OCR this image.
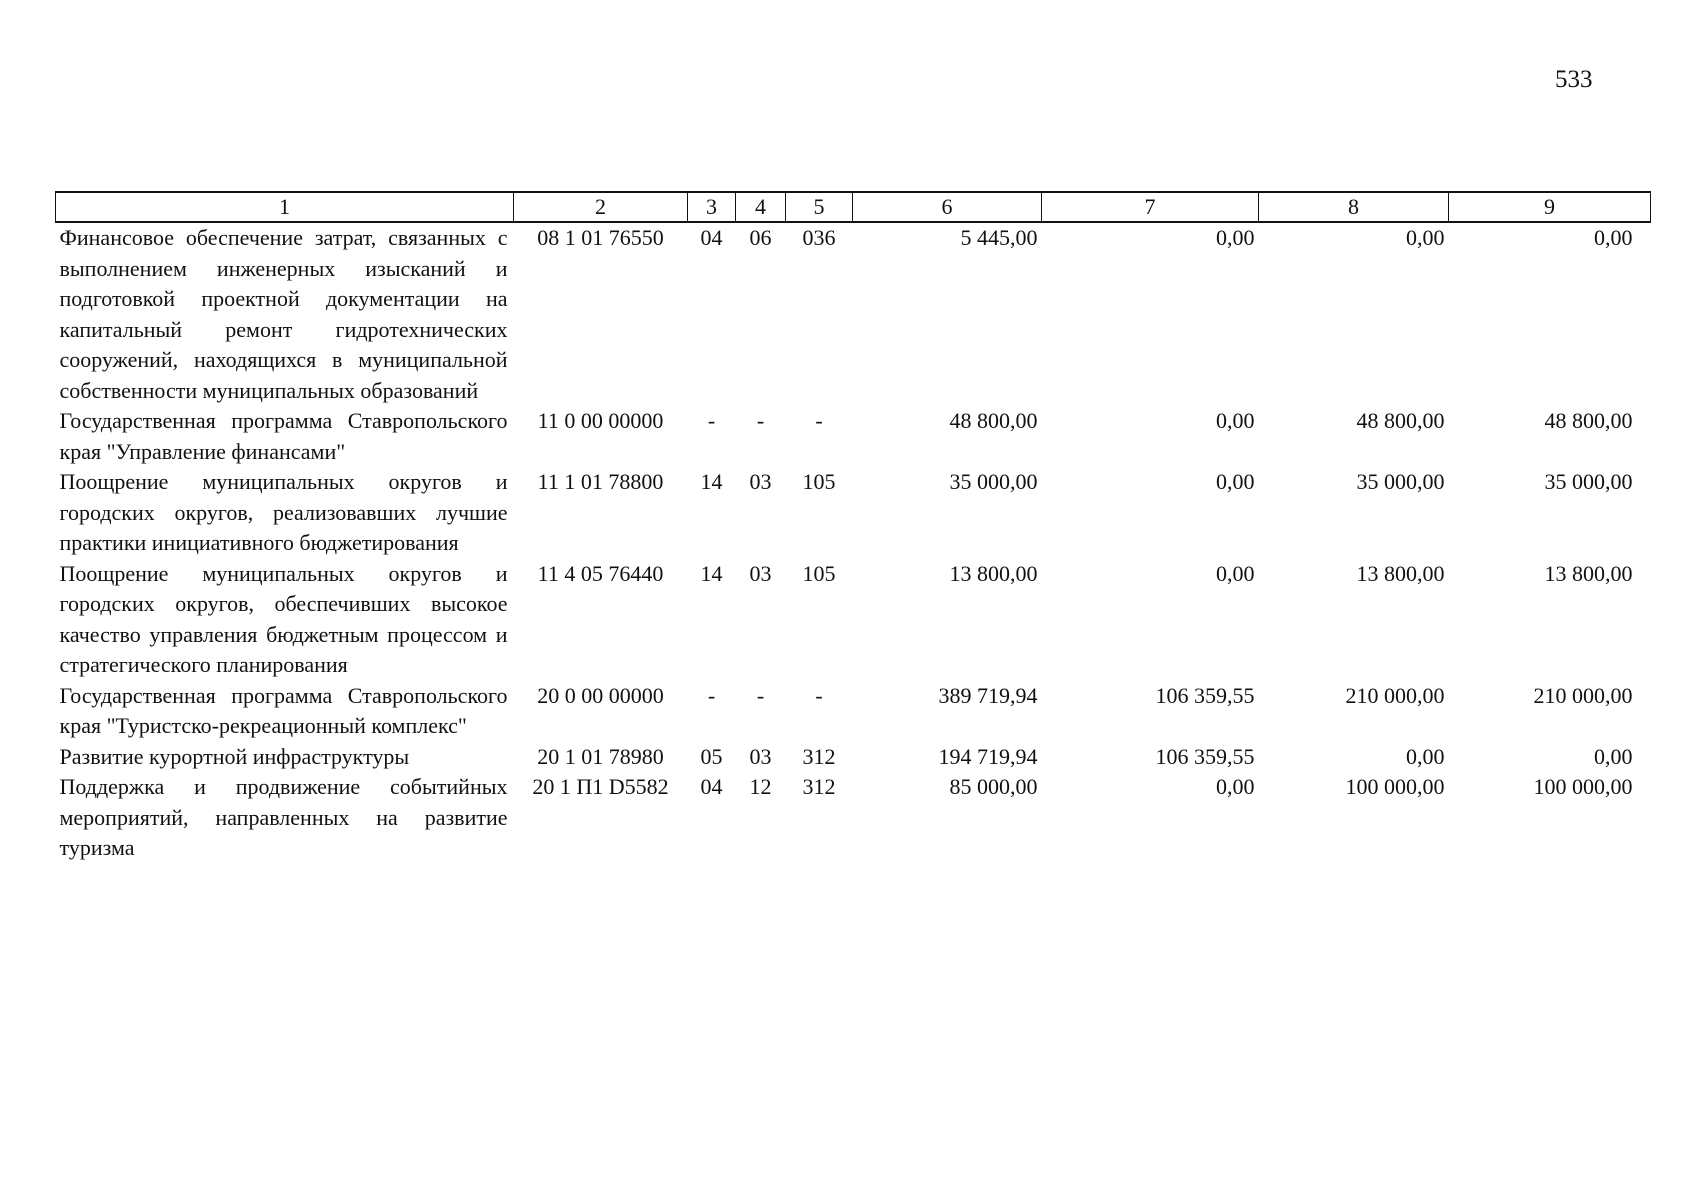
533
1	2	3	4	5	6	7	8	9
Финансовое обеспечение затрат, связанных с выполнением инженерных изысканий и подготовкой проектной документации на капитальный ремонт гидротехнических сооружений, находящихся в муниципальной собственности муниципальных образований	08 1 01 76550	04	06	036	5 445,00	0,00	0,00	0,00
Государственная программа Ставропольского края "Управление финансами"	11 0 00 00000	-	-	-	48 800,00	0,00	48 800,00	48 800,00
Поощрение муниципальных округов и городских округов, реализовавших лучшие практики инициативного бюджетирования	11 1 01 78800	14	03	105	35 000,00	0,00	35 000,00	35 000,00
Поощрение муниципальных округов и городских округов, обеспечивших высокое качество управления бюджетным процессом и стратегического планирования	11 4 05 76440	14	03	105	13 800,00	0,00	13 800,00	13 800,00
Государственная программа Ставропольского края "Туристско-рекреационный комплекс"	20 0 00 00000	-	-	-	389 719,94	106 359,55	210 000,00	210 000,00
Развитие курортной инфраструктуры	20 1 01 78980	05	03	312	194 719,94	106 359,55	0,00	0,00
Поддержка и продвижение событийных мероприятий, направленных на развитие туризма	20 1 П1 D5582	04	12	312	85 000,00	0,00	100 000,00	100 000,00
